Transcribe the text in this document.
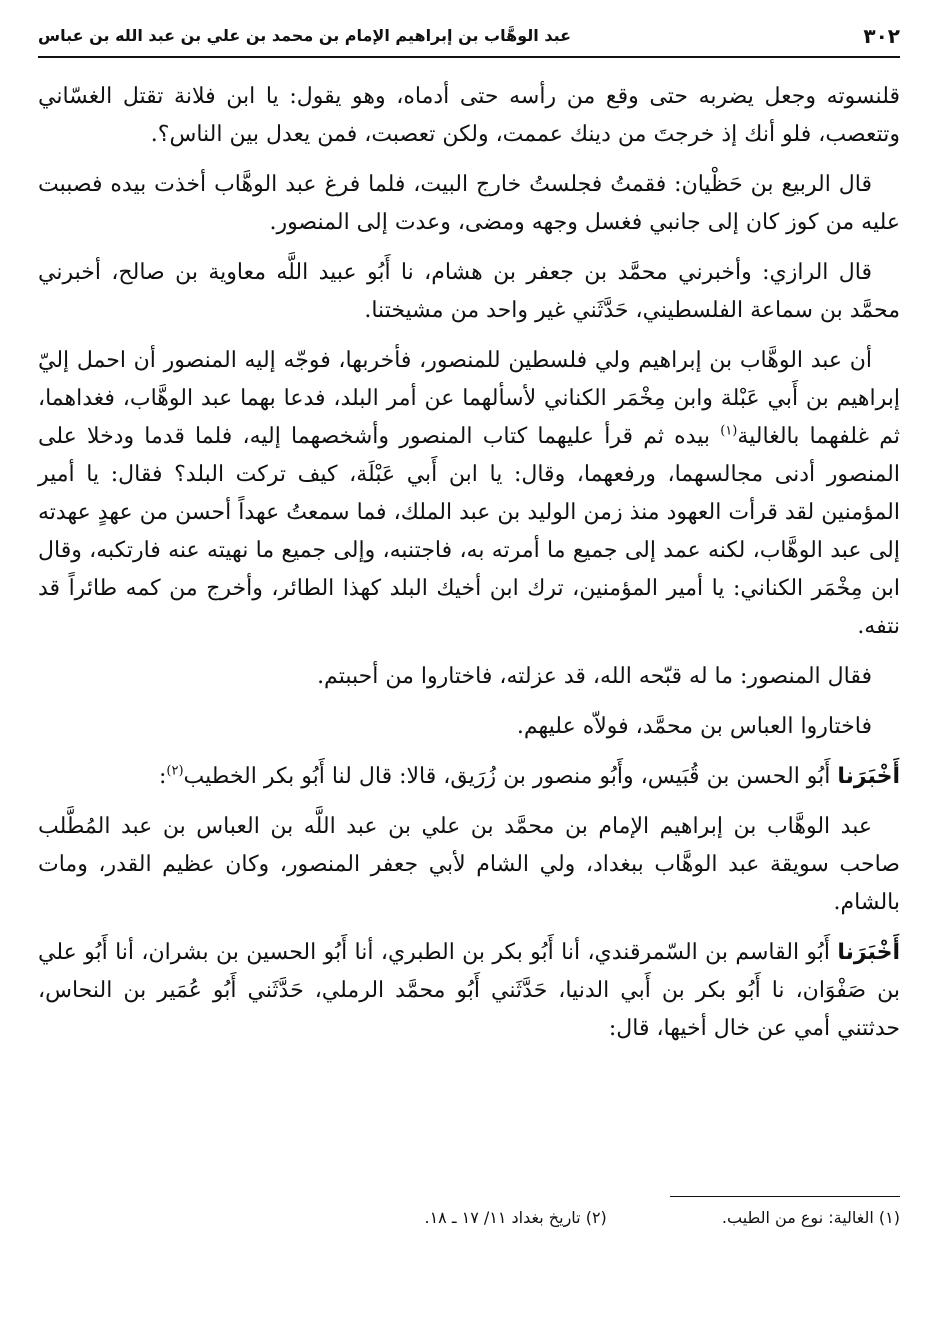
٣٠٢
عبد الوهَّاب بن إبراهيم الإمام بن محمد بن علي بن عبد الله بن عباس

قلنسوته وجعل يضربه حتى وقع من رأسه حتى أدماه، وهو يقول: يا ابن فلانة تقتل الغسّاني وتتعصب، فلو أنك إذ خرجتَ من دينك عممت، ولكن تعصبت، فمن يعدل بين الناس؟.

قال الربيع بن حَظْيان: فقمتُ فجلستُ خارج البيت، فلما فرغ عبد الوهَّاب أخذت بيده فصببت عليه من كوز كان إلى جانبي فغسل وجهه ومضى، وعدت إلى المنصور.

قال الرازي: وأخبرني محمَّد بن جعفر بن هشام، نا أَبُو عبيد اللَّه معاوية بن صالح، أخبرني محمَّد بن سماعة الفلسطيني، حَدَّثَني غير واحد من مشيختنا.

أن عبد الوهَّاب بن إبراهيم ولي فلسطين للمنصور، فأخربها، فوجّه إليه المنصور أن احمل إليّ إبراهيم بن أَبي عَبْلة وابن مِخْمَر الكناني لأسألهما عن أمر البلد، فدعا بهما عبد الوهَّاب، فغداهما، ثم غلفهما بالغالية$^{(١)}$ بيده ثم قرأ عليهما كتاب المنصور وأشخصهما إليه، فلما قدما ودخلا على المنصور أدنى مجالسهما، ورفعهما، وقال: يا ابن أَبي عَبْلَة، كيف تركت البلد؟ فقال: يا أمير المؤمنين لقد قرأت العهود منذ زمن الوليد بن عبد الملك، فما سمعتُ عهداً أحسن من عهدٍ عهدته إلى عبد الوهَّاب، لكنه عمد إلى جميع ما أمرته به، فاجتنبه، وإلى جميع ما نهيته عنه فارتكبه، وقال ابن مِخْمَر الكناني: يا أمير المؤمنين، ترك ابن أخيك البلد كهذا الطائر، وأخرج من كمه طائراً قد نتفه.

فقال المنصور: ما له قبّحه الله، قد عزلته، فاختاروا من أحببتم.

فاختاروا العباس بن محمَّد، فولاّه عليهم.

أَخْبَرَنا أَبُو الحسن بن قُبَيس، وأَبُو منصور بن زُرَيق، قالا: قال لنا أَبُو بكر الخطيب$^{(٢)}$:

عبد الوهَّاب بن إبراهيم الإمام بن محمَّد بن علي بن عبد اللَّه بن العباس بن عبد المُطَّلب صاحب سويقة عبد الوهَّاب ببغداد، ولي الشام لأبي جعفر المنصور، وكان عظيم القدر، ومات بالشام.

أَخْبَرَنا أَبُو القاسم بن السّمرقندي، أنا أَبُو بكر بن الطبري، أنا أَبُو الحسين بن بشران، أنا أَبُو علي بن صَفْوَان، نا أَبُو بكر بن أَبي الدنيا، حَدَّثَني أَبُو محمَّد الرملي، حَدَّثَني أَبُو عُمَير بن النحاس، حدثتني أمي عن خال أخيها، قال:

(١) الغالية: نوع من الطيب. (٢) تاريخ بغداد ١١/ ١٧ ـ ١٨.
